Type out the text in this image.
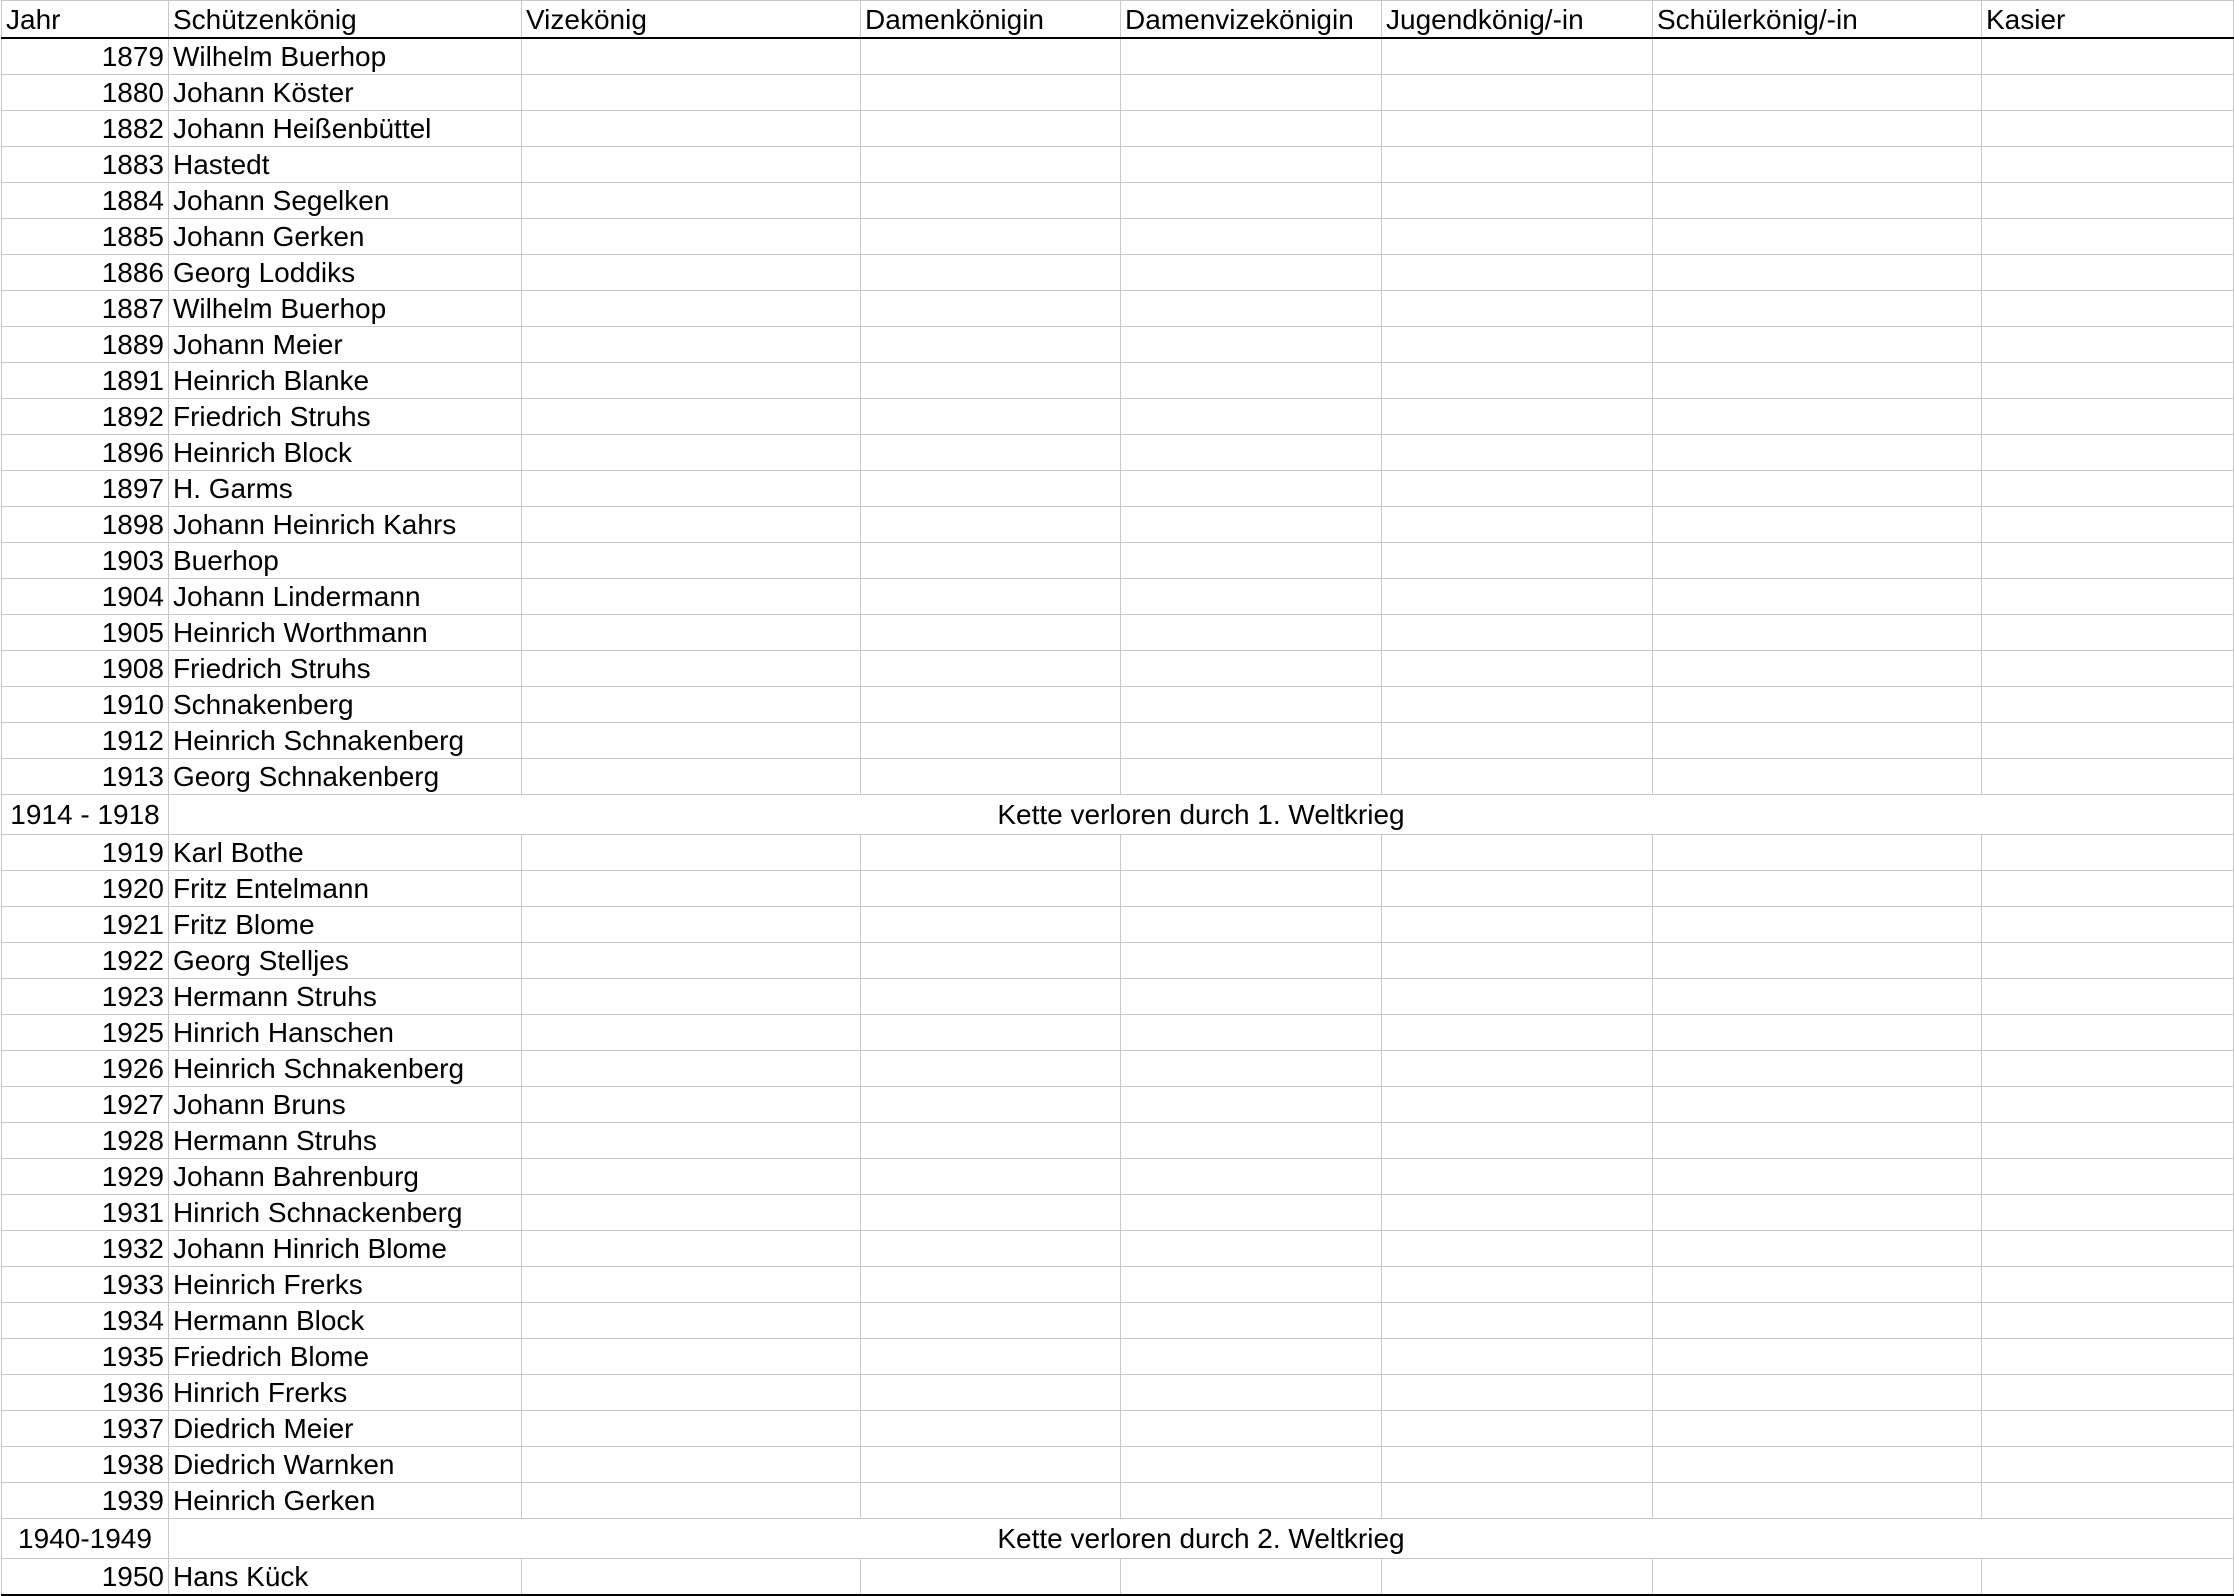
Jahr	Schützenkönig	Vizekönig	Damenkönigin	Damenvizekönigin	Jugendkönig/-in	Schülerkönig/-in	Kasier
1879	Wilhelm Buerhop						
1880	Johann Köster						
1882	Johann Heißenbüttel						
1883	Hastedt						
1884	Johann Segelken						
1885	Johann Gerken						
1886	Georg Loddiks						
1887	Wilhelm Buerhop						
1889	Johann Meier						
1891	Heinrich Blanke						
1892	Friedrich Struhs						
1896	Heinrich Block						
1897	H. Garms						
1898	Johann Heinrich Kahrs						
1903	Buerhop						
1904	Johann Lindermann						
1905	Heinrich Worthmann						
1908	Friedrich Struhs						
1910	Schnakenberg						
1912	Heinrich Schnakenberg						
1913	Georg Schnakenberg						
1914 - 1918	Kette verloren durch 1. Weltkrieg						
1919	Karl Bothe						
1920	Fritz Entelmann						
1921	Fritz Blome						
1922	Georg Stelljes						
1923	Hermann Struhs						
1925	Hinrich Hanschen						
1926	Heinrich Schnakenberg						
1927	Johann Bruns						
1928	Hermann Struhs						
1929	Johann Bahrenburg						
1931	Hinrich Schnackenberg						
1932	Johann Hinrich Blome						
1933	Heinrich Frerks						
1934	Hermann Block						
1935	Friedrich Blome						
1936	Hinrich Frerks						
1937	Diedrich Meier						
1938	Diedrich Warnken						
1939	Heinrich Gerken						
1940-1949	Kette verloren durch 2. Weltkrieg						
1950	Hans Kück						
